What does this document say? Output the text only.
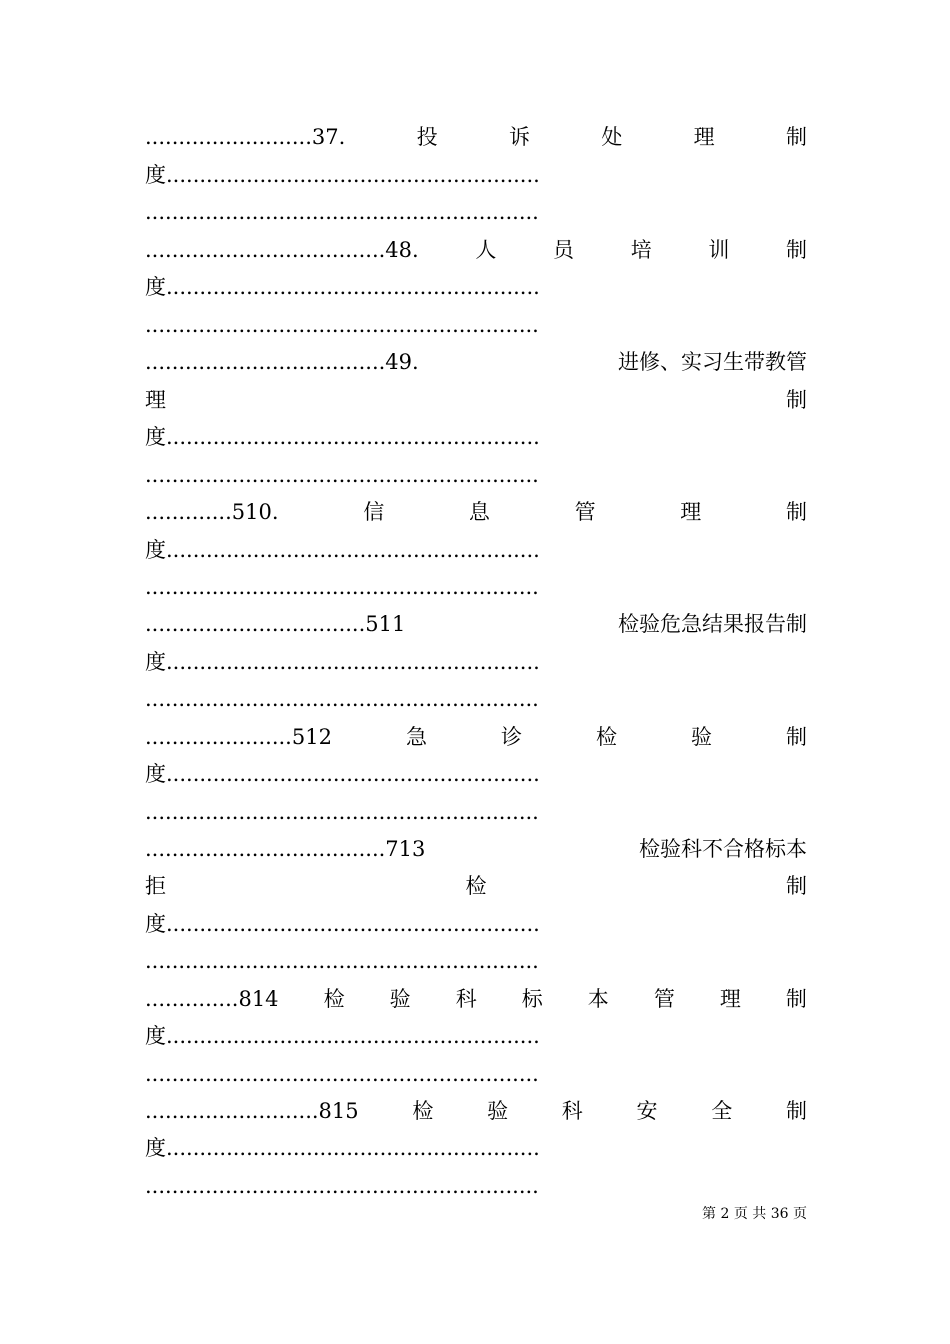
.........................37.	投	诉	处	理	制
度........................................................
...........................................................
....................................48.	人	员	培	训	制
度........................................................
...........................................................
....................................49.	进修、实习生带教管
理	制
度........................................................
...........................................................
.............510.	信	息	管	理	制
度........................................................
...........................................................
.................................511	检验危急结果报告制
度........................................................
...........................................................
......................512	急	诊	检	验	制
度........................................................
...........................................................
....................................713	检验科不合格标本
拒	检	制
度........................................................
...........................................................
..............814 检 验 科 标 本 管 理 制
度........................................................
...........................................................
..........................815	检	验	科	安	全	制
度........................................................
...........................................................
第 2 页 共 36 页
